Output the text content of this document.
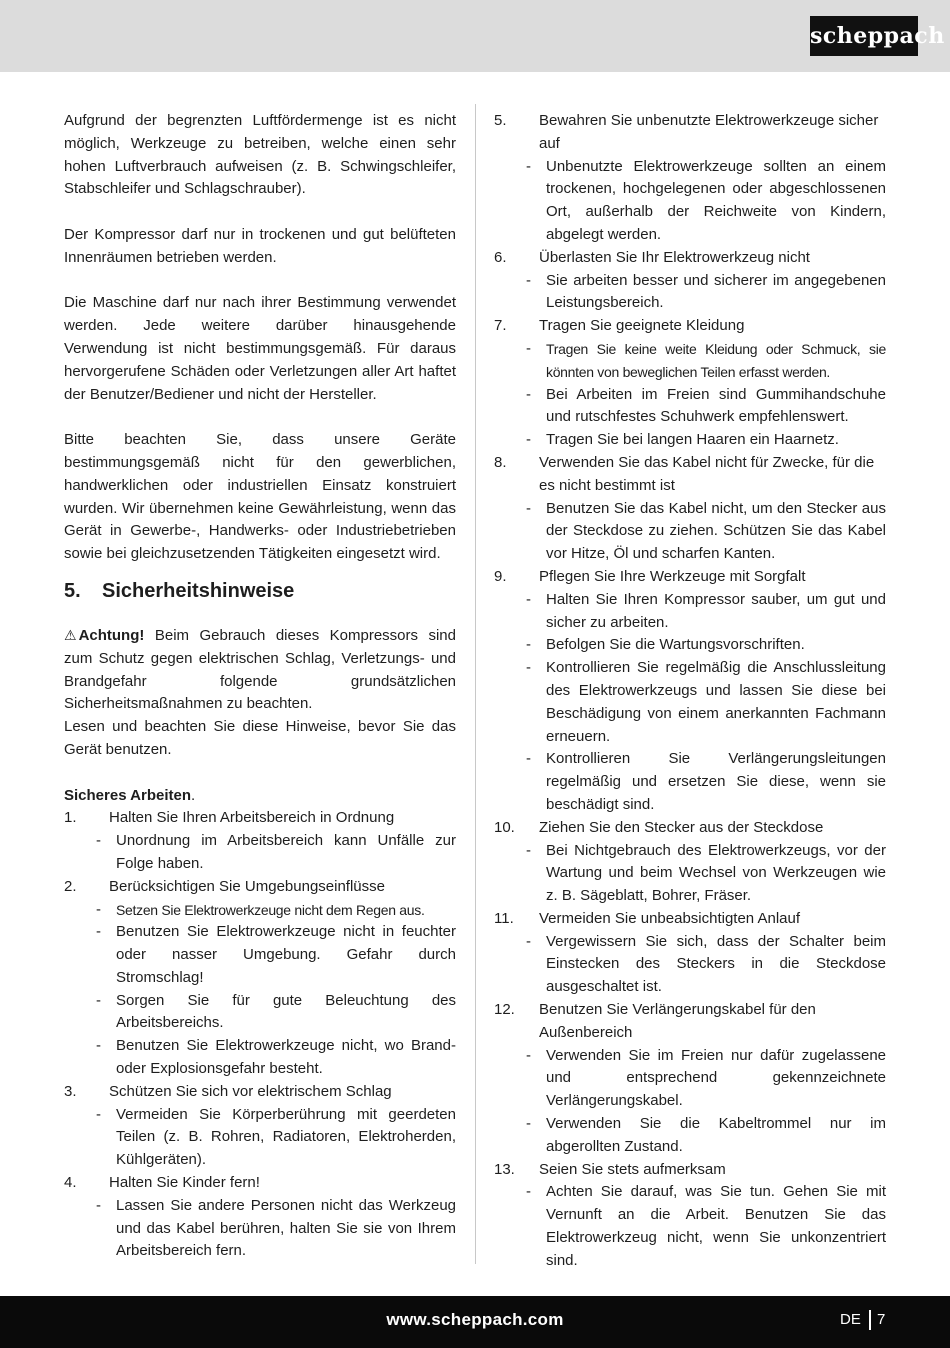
scheppach

Aufgrund der begrenzten Luftfördermenge ist es nicht möglich, Werkzeuge zu betreiben, welche einen sehr hohen Luftverbrauch aufweisen (z. B. Schwingschleifer, Stabschleifer und Schlagschrauber).

Der Kompressor darf nur in trockenen und gut belüfteten Innenräumen betrieben werden.

Die Maschine darf nur nach ihrer Bestimmung verwendet werden. Jede weitere darüber hinausgehende Verwendung ist nicht bestimmungsgemäß. Für daraus hervorgerufene Schäden oder Verletzungen aller Art haftet der Benutzer/Bediener und nicht der Hersteller.

Bitte beachten Sie, dass unsere Geräte bestimmungsgemäß nicht für den gewerblichen, handwerklichen oder industriellen Einsatz konstruiert wurden. Wir übernehmen keine Gewährleistung, wenn das Gerät in Gewerbe-, Handwerks- oder Industriebetrieben sowie bei gleichzusetzenden Tätigkeiten eingesetzt wird.

5.	Sicherheitshinweise

⚠ Achtung! Beim Gebrauch dieses Kompressors sind zum Schutz gegen elektrischen Schlag, Verletzungs- und Brandgefahr folgende grundsätzlichen Sicherheitsmaßnahmen zu beachten.

Lesen und beachten Sie diese Hinweise, bevor Sie das Gerät benutzen.

Sicheres Arbeiten.

1.	Halten Sie Ihren Arbeitsbereich in Ordnung
-	Unordnung im Arbeitsbereich kann Unfälle zur Folge haben.
2.	Berücksichtigen Sie Umgebungseinflüsse
-	Setzen Sie Elektrowerkzeuge nicht dem Regen aus.
-	Benutzen Sie Elektrowerkzeuge nicht in feuchter oder nasser Umgebung. Gefahr durch Stromschlag!
-	Sorgen Sie für gute Beleuchtung des Arbeitsbereichs.
-	Benutzen Sie Elektrowerkzeuge nicht, wo Brand- oder Explosionsgefahr besteht.
3.	Schützen Sie sich vor elektrischem Schlag
-	Vermeiden Sie Körperberührung mit geerdeten Teilen (z. B. Rohren, Radiatoren, Elektroherden, Kühlgeräten).
4.	Halten Sie Kinder fern!
-	Lassen Sie andere Personen nicht das Werkzeug und das Kabel berühren, halten Sie sie von Ihrem Arbeitsbereich fern.
5.	Bewahren Sie unbenutzte Elektrowerkzeuge sicher auf
-	Unbenutzte Elektrowerkzeuge sollten an einem trockenen, hochgelegenen oder abgeschlossenen Ort, außerhalb der Reichweite von Kindern, abgelegt werden.
6.	Überlasten Sie Ihr Elektrowerkzeug nicht
-	Sie arbeiten besser und sicherer im angegebenen Leistungsbereich.
7.	Tragen Sie geeignete Kleidung
-	Tragen Sie keine weite Kleidung oder Schmuck, sie könnten von beweglichen Teilen erfasst werden.
-	Bei Arbeiten im Freien sind Gummihandschuhe und rutschfestes Schuhwerk empfehlenswert.
-	Tragen Sie bei langen Haaren ein Haarnetz.
8.	Verwenden Sie das Kabel nicht für Zwecke, für die es nicht bestimmt ist
-	Benutzen Sie das Kabel nicht, um den Stecker aus der Steckdose zu ziehen. Schützen Sie das Kabel vor Hitze, Öl und scharfen Kanten.
9.	Pflegen Sie Ihre Werkzeuge mit Sorgfalt
-	Halten Sie Ihren Kompressor sauber, um gut und sicher zu arbeiten.
-	Befolgen Sie die Wartungsvorschriften.
-	Kontrollieren Sie regelmäßig die Anschlussleitung des Elektrowerkzeugs und lassen Sie diese bei Beschädigung von einem anerkannten Fachmann erneuern.
-	Kontrollieren Sie Verlängerungsleitungen regelmäßig und ersetzen Sie diese, wenn sie beschädigt sind.
10.	Ziehen Sie den Stecker aus der Steckdose
-	Bei Nichtgebrauch des Elektrowerkzeugs, vor der Wartung und beim Wechsel von Werkzeugen wie z. B. Sägeblatt, Bohrer, Fräser.
11.	Vermeiden Sie unbeabsichtigten Anlauf
-	Vergewissern Sie sich, dass der Schalter beim Einstecken des Steckers in die Steckdose ausgeschaltet ist.
12.	Benutzen Sie Verlängerungskabel für den Außenbereich
-	Verwenden Sie im Freien nur dafür zugelassene und entsprechend gekennzeichnete Verlängerungskabel.
-	Verwenden Sie die Kabeltrommel nur im abgerollten Zustand.
13.	Seien Sie stets aufmerksam
-	Achten Sie darauf, was Sie tun. Gehen Sie mit Vernunft an die Arbeit. Benutzen Sie das Elektrowerkzeug nicht, wenn Sie unkonzentriert sind.
www.scheppach.com	DE 7
